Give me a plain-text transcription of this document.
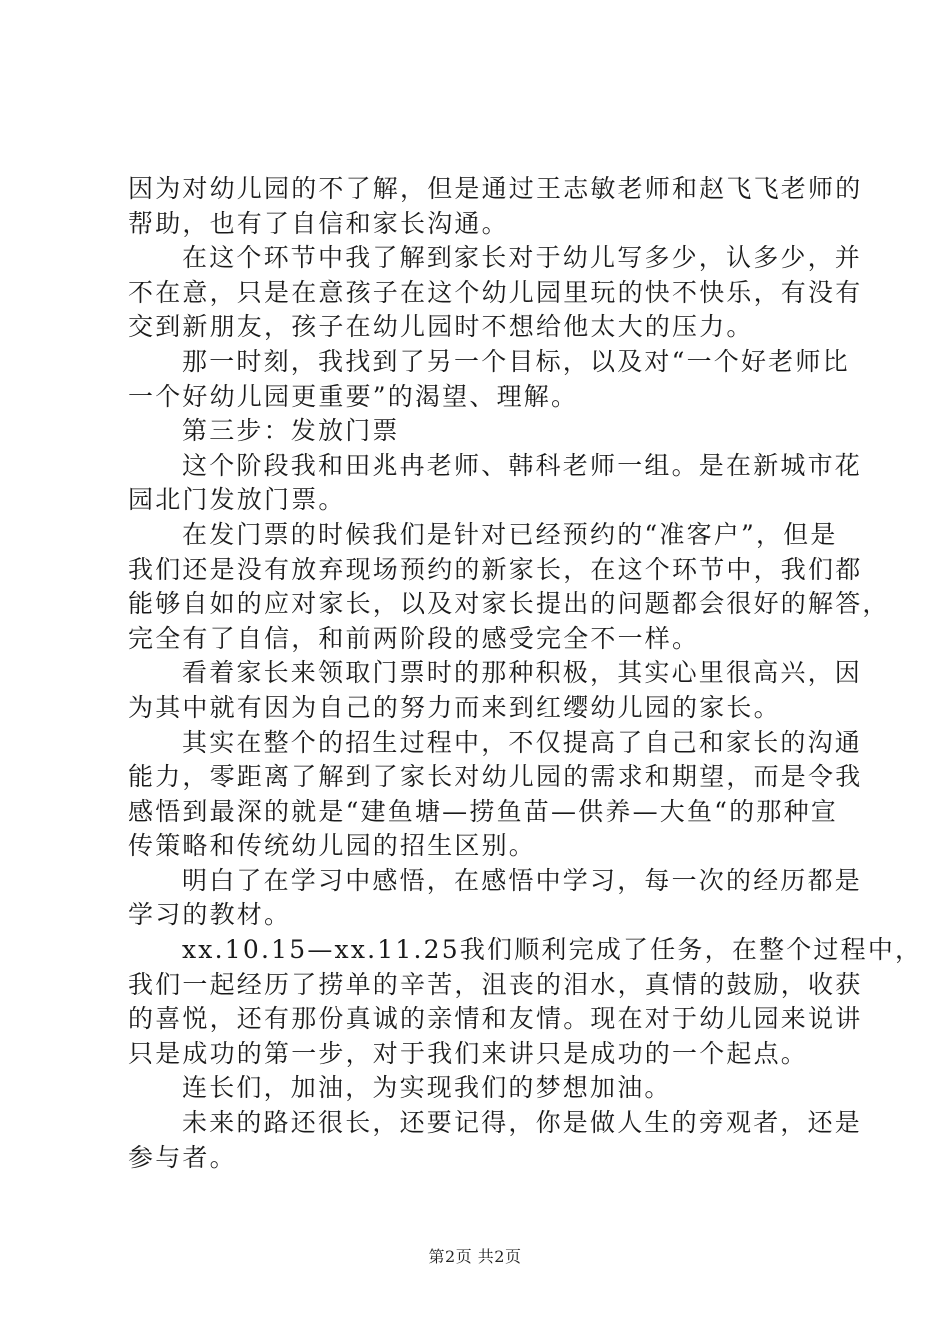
因为对幼儿园的不了解，但是通过王志敏老师和赵飞飞老师的
帮助，也有了自信和家长沟通。
在这个环节中我了解到家长对于幼儿写多少，认多少，并
不在意，只是在意孩子在这个幼儿园里玩的快不快乐，有没有
交到新朋友，孩子在幼儿园时不想给他太大的压力。
那一时刻，我找到了另一个目标，以及对“一个好老师比
一个好幼儿园更重要”的渴望、理解。
第三步：发放门票
这个阶段我和田兆冉老师、韩科老师一组。是在新城市花
园北门发放门票。
在发门票的时候我们是针对已经预约的“准客户”，但是
我们还是没有放弃现场预约的新家长，在这个环节中，我们都
能够自如的应对家长，以及对家长提出的问题都会很好的解答，
完全有了自信，和前两阶段的感受完全不一样。
看着家长来领取门票时的那种积极，其实心里很高兴，因
为其中就有因为自己的努力而来到红缨幼儿园的家长。
其实在整个的招生过程中，不仅提高了自己和家长的沟通
能力，零距离了解到了家长对幼儿园的需求和期望，而是令我
感悟到最深的就是“建鱼塘—捞鱼苗—供养—大鱼“的那种宣
传策略和传统幼儿园的招生区别。
明白了在学习中感悟，在感悟中学习，每一次的经历都是
学习的教材。
xx.10.15—xx.11.25我们顺利完成了任务，在整个过程中，
我们一起经历了捞单的辛苦，沮丧的泪水，真情的鼓励，收获
的喜悦，还有那份真诚的亲情和友情。现在对于幼儿园来说讲
只是成功的第一步，对于我们来讲只是成功的一个起点。
连长们，加油，为实现我们的梦想加油。
未来的路还很长，还要记得，你是做人生的旁观者，还是
参与者。
第2页 共2页
